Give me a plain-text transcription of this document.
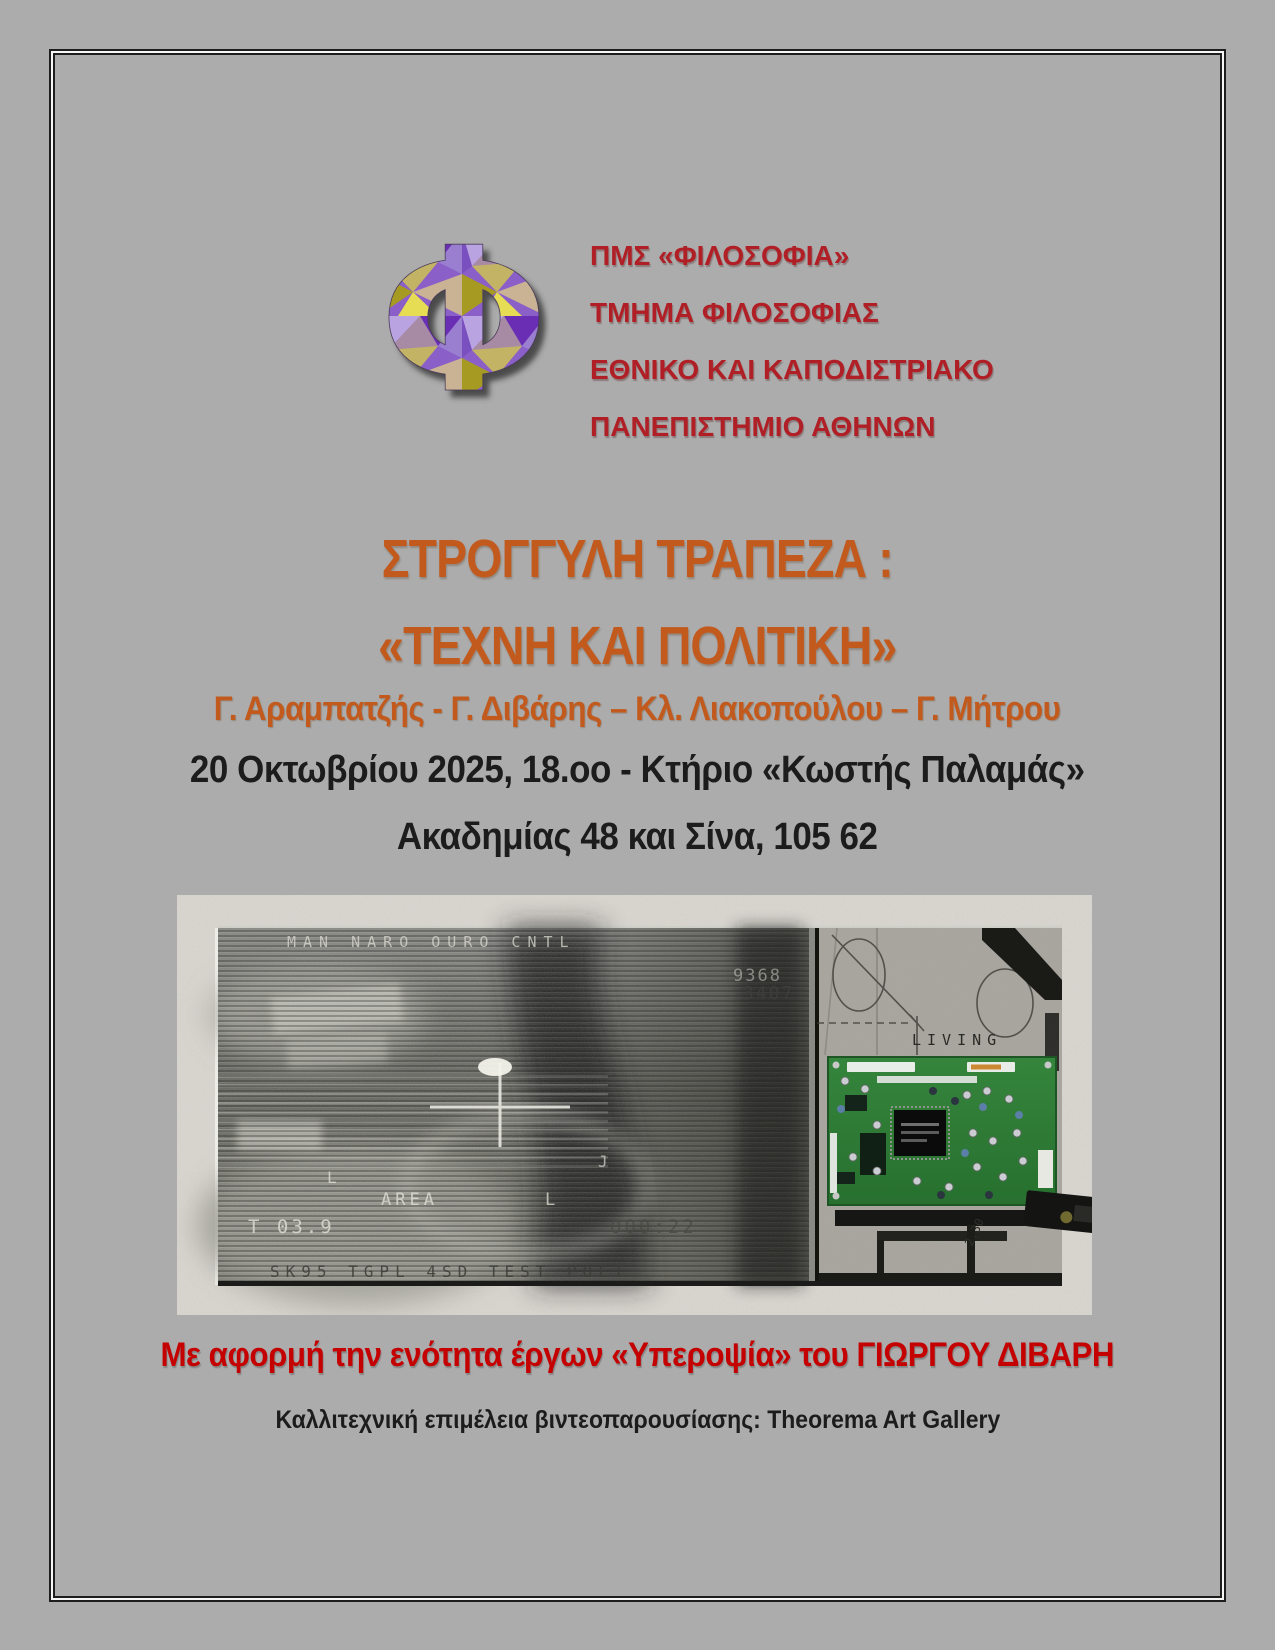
Φ ΠΜΣ «ΦΙΛΟΣΟΦΙΑ»
ΤΜΗΜΑ ΦΙΛΟΣΟΦΙΑΣ
ΕΘΝΙΚΟ ΚΑΙ ΚΑΠΟΔΙΣΤΡΙΑΚΟ
ΠΑΝΕΠΙΣΤΗΜΙΟ ΑΘΗΝΩΝ
ΣΤΡΟΓΓΥΛΗ ΤΡΑΠΕΖΑ :
«ΤΕΧΝΗ ΚΑΙ ΠΟΛΙΤΙΚΗ»
Γ. Αραμπατζής - Γ. Διβάρης – Κλ. Λιακοπούλου – Γ. Μήτρου
20 Οκτωβρίου 2025, 18.οο - Κτήριο «Κωστής Παλαμάς»
Ακαδημίας 48 και Σίνα, 105 62
MAN NARO OURO CNTL
9368
3407
L
AREA	L
J
T 03.9	000:22
SK95 TGPL 4SD TEST POLT
LIVING
2.30
Με αφορμή την ενότητα έργων «Υπεροψία» του ΓΙΩΡΓΟΥ ΔΙΒΑΡΗ
Καλλιτεχνική επιμέλεια βιντεοπαρουσίασης: Theorema Art Gallery
